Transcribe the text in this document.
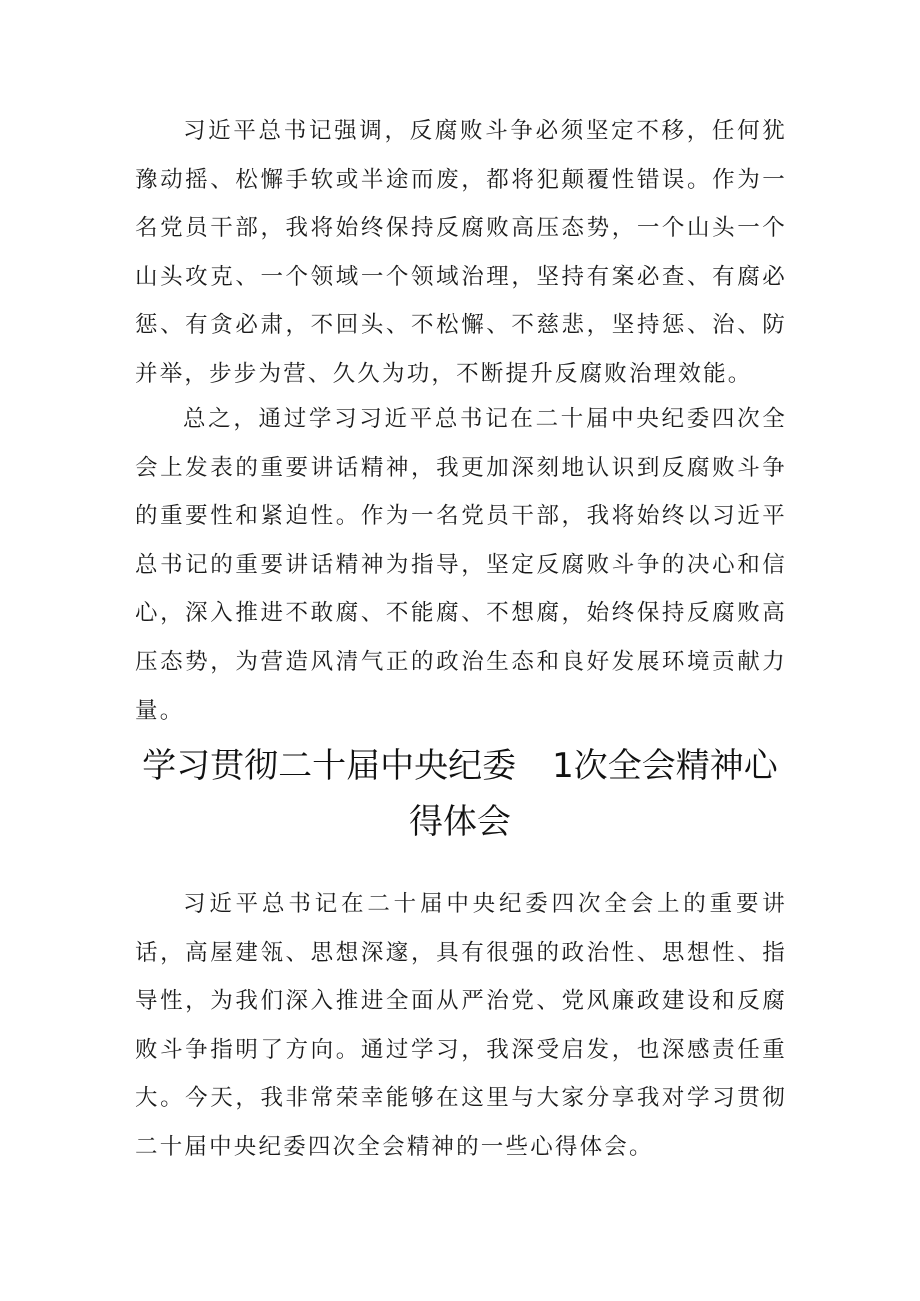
习近平总书记强调，反腐败斗争必须坚定不移，任何犹豫动摇、松懈手软或半途而废，都将犯颠覆性错误。作为一名党员干部，我将始终保持反腐败高压态势，一个山头一个山头攻克、一个领域一个领域治理，坚持有案必查、有腐必惩、有贪必肃，不回头、不松懈、不慈悲，坚持惩、治、防并举，步步为营、久久为功，不断提升反腐败治理效能。

总之，通过学习习近平总书记在二十届中央纪委四次全会上发表的重要讲话精神，我更加深刻地认识到反腐败斗争的重要性和紧迫性。作为一名党员干部，我将始终以习近平总书记的重要讲话精神为指导，坚定反腐败斗争的决心和信心，深入推进不敢腐、不能腐、不想腐，始终保持反腐败高压态势，为营造风清气正的政治生态和良好发展环境贡献力量。

学习贯彻二十届中央纪委 1次全会精神心得体会

习近平总书记在二十届中央纪委四次全会上的重要讲话，高屋建瓴、思想深邃，具有很强的政治性、思想性、指导性，为我们深入推进全面从严治党、党风廉政建设和反腐败斗争指明了方向。通过学习，我深受启发，也深感责任重大。今天，我非常荣幸能够在这里与大家分享我对学习贯彻二十届中央纪委四次全会精神的一些心得体会。
